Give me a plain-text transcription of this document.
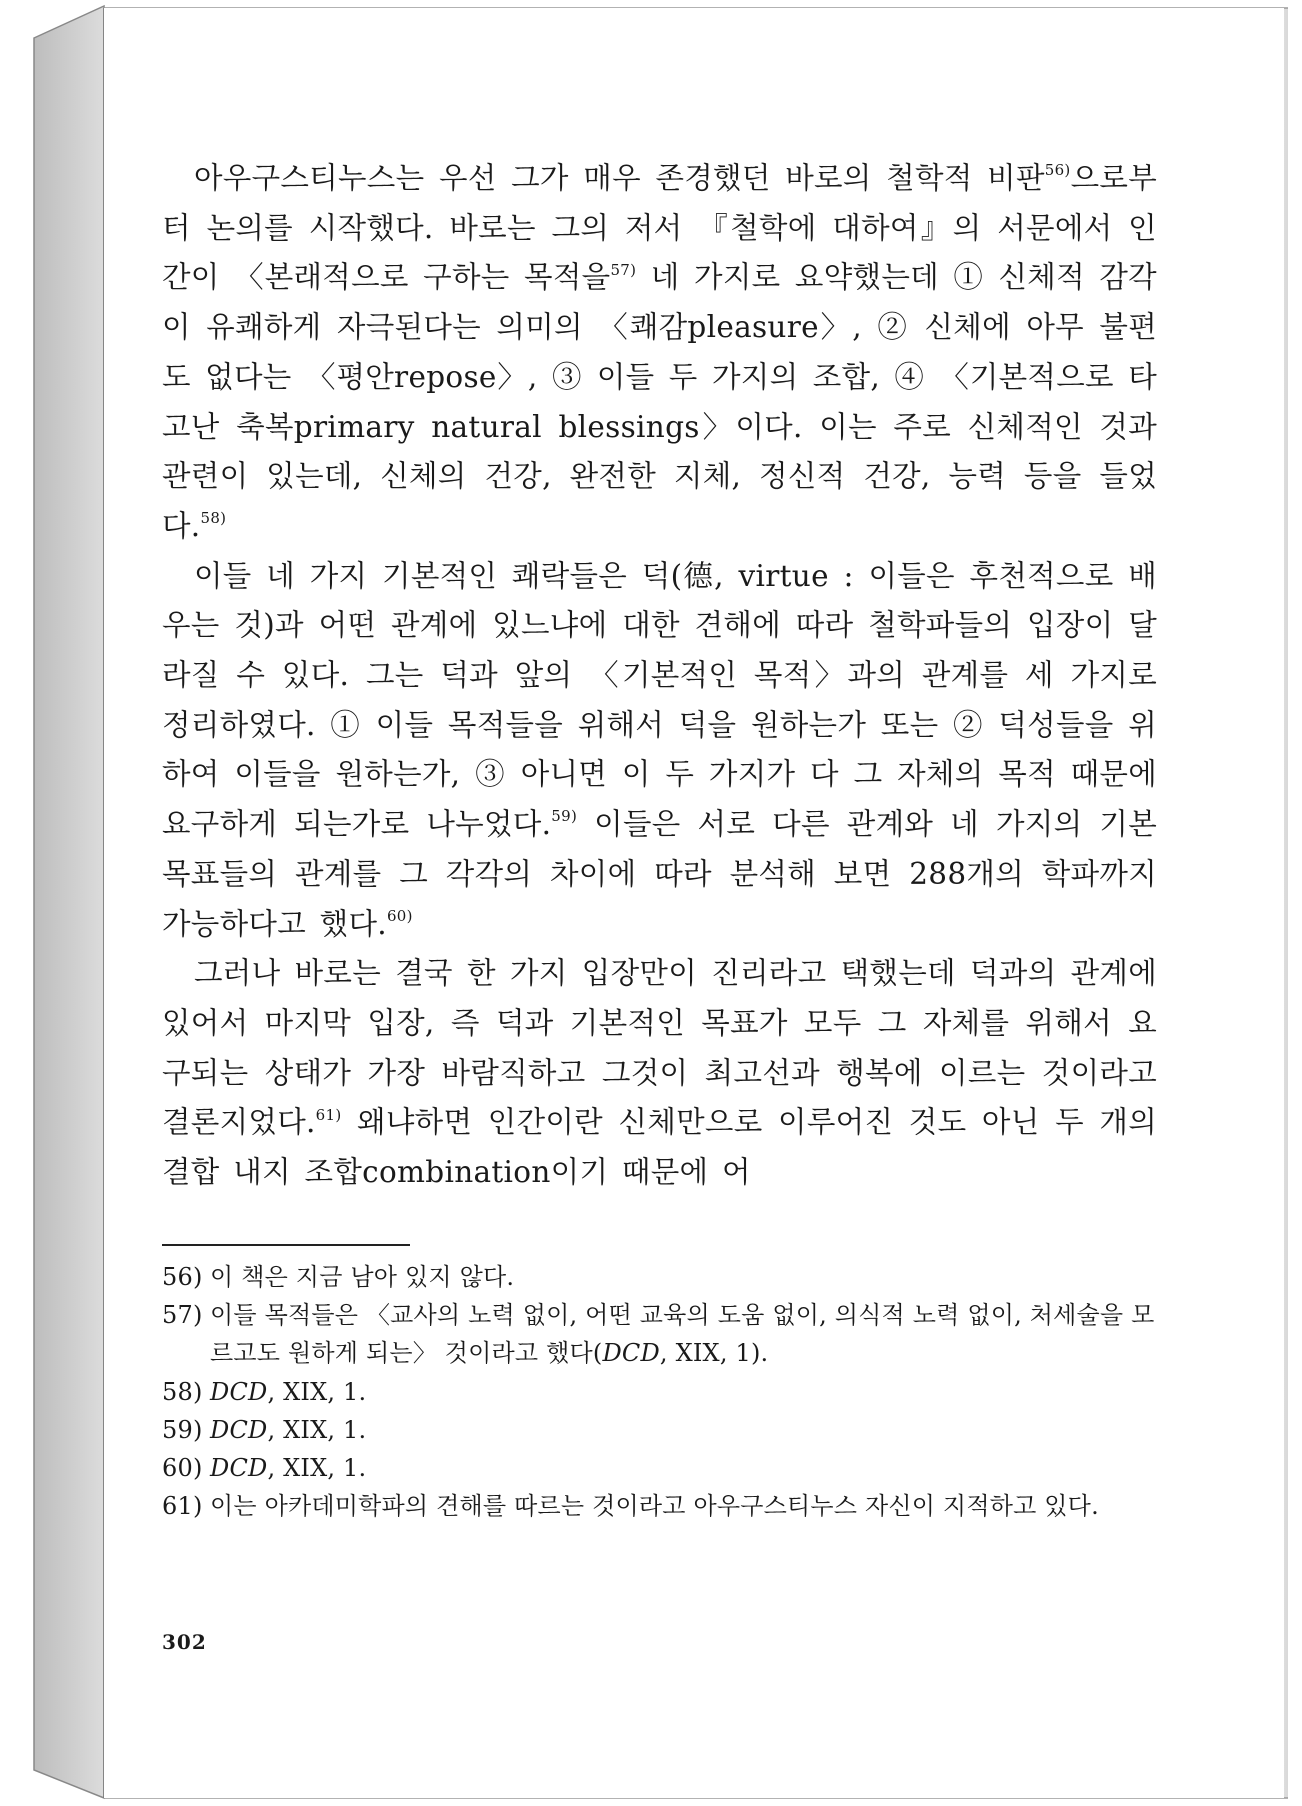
아우구스티누스는 우선 그가 매우 존경했던 바로의 철학적 비판$^{56)}$으로부터 논의를 시작했다. 바로는 그의 저서 『철학에 대하여』의 서문에서 인간이 〈본래적으로 구하는 목적을$^{57)}$ 네 가지로 요약했는데 ① 신체적 감각이 유쾌하게 자극된다는 의미의 〈쾌감pleasure〉, ② 신체에 아무 불편도 없다는 〈평안repose〉, ③ 이들 두 가지의 조합, ④ 〈기본적으로 타고난 축복primary natural blessings〉이다. 이는 주로 신체적인 것과 관련이 있는데, 신체의 건강, 완전한 지체, 정신적 건강, 능력 등을 들었다.$^{58)}$

이들 네 가지 기본적인 쾌락들은 덕(德, virtue : 이들은 후천적으로 배우는 것)과 어떤 관계에 있느냐에 대한 견해에 따라 철학파들의 입장이 달라질 수 있다. 그는 덕과 앞의 〈기본적인 목적〉과의 관계를 세 가지로 정리하였다. ① 이들 목적들을 위해서 덕을 원하는가 또는 ② 덕성들을 위하여 이들을 원하는가, ③ 아니면 이 두 가지가 다 그 자체의 목적 때문에 요구하게 되는가로 나누었다.$^{59)}$ 이들은 서로 다른 관계와 네 가지의 기본 목표들의 관계를 그 각각의 차이에 따라 분석해 보면 288개의 학파까지 가능하다고 했다.$^{60)}$

그러나 바로는 결국 한 가지 입장만이 진리라고 택했는데 덕과의 관계에 있어서 마지막 입장, 즉 덕과 기본적인 목표가 모두 그 자체를 위해서 요구되는 상태가 가장 바람직하고 그것이 최고선과 행복에 이르는 것이라고 결론지었다.$^{61)}$ 왜냐하면 인간이란 신체만으로 이루어진 것도 아닌 두 개의 결합 내지 조합combination이기 때문에 어

56) 이 책은 지금 남아 있지 않다.
57) 이들 목적들은 〈교사의 노력 없이, 어떤 교육의 도움 없이, 의식적 노력 없이, 처세술을 모르고도 원하게 되는〉 것이라고 했다(DCD, XIX, 1).
58) DCD, XIX, 1.
59) DCD, XIX, 1.
60) DCD, XIX, 1.
61) 이는 아카데미학파의 견해를 따르는 것이라고 아우구스티누스 자신이 지적하고 있다.
302
